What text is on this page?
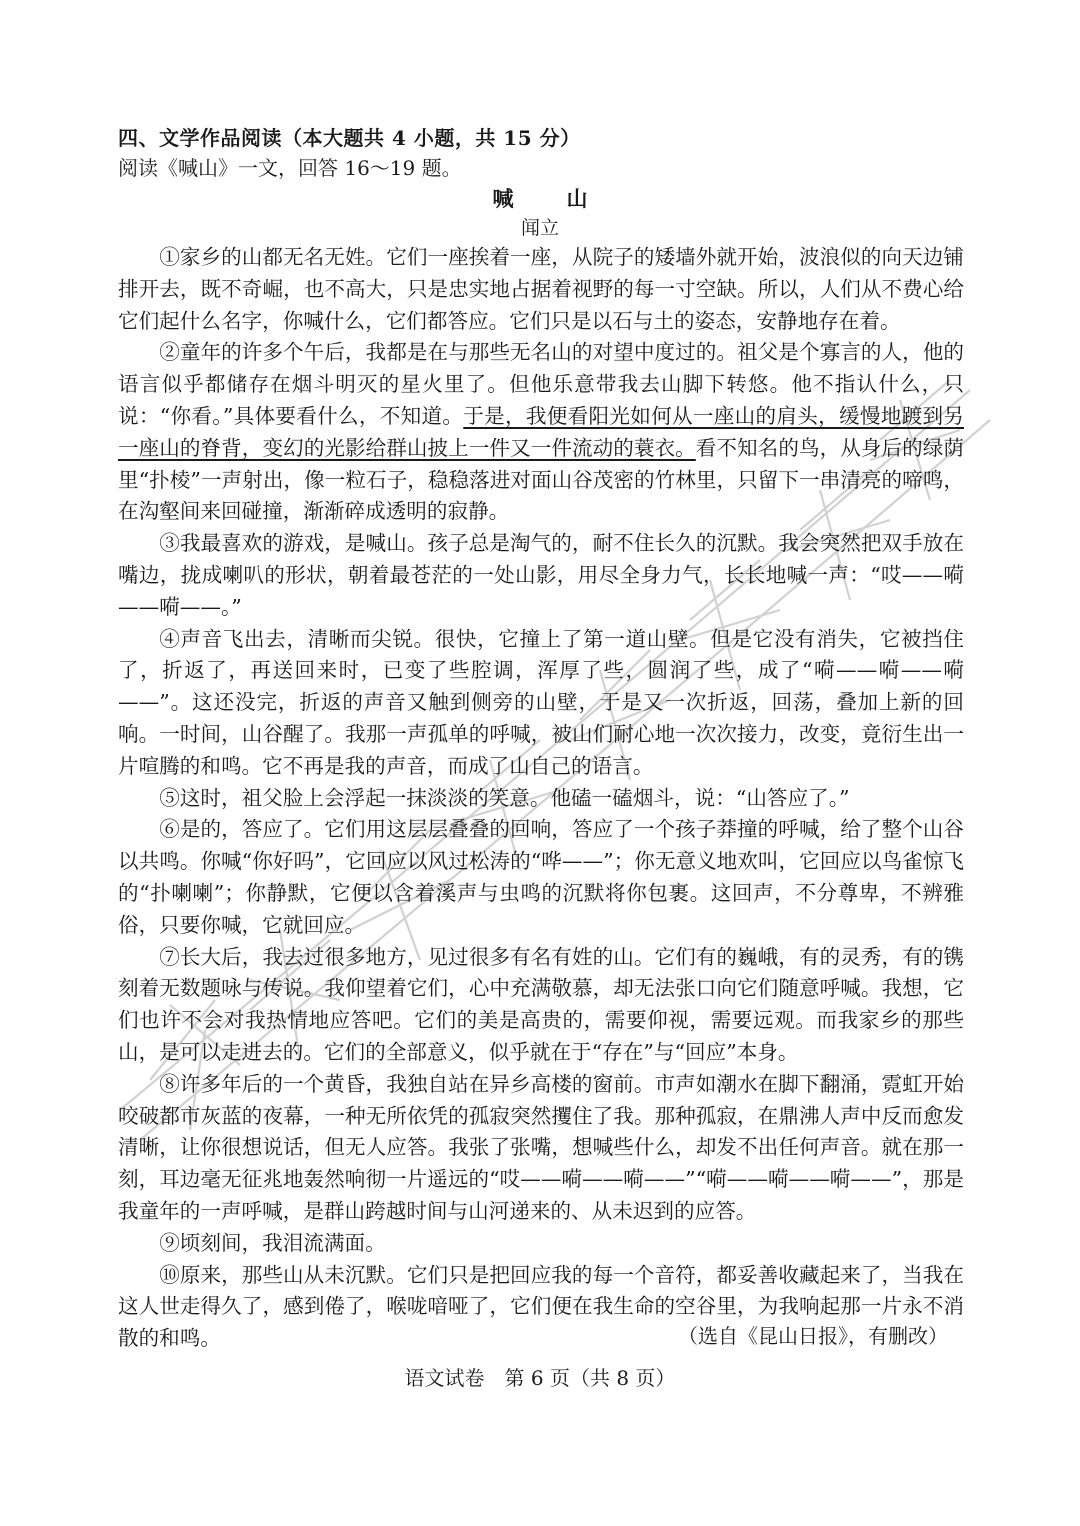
四、文学作品阅读（本大题共 4 小题，共 15 分）
阅读《喊山》一文，回答 16～19 题。
喊　山
闻立

①家乡的山都无名无姓。它们一座挨着一座，从院子的矮墙外就开始，波浪似的向天边铺排开去，既不奇崛，也不高大，只是忠实地占据着视野的每一寸空缺。所以，人们从不费心给它们起什么名字，你喊什么，它们都答应。它们只是以石与土的姿态，安静地存在着。

②童年的许多个午后，我都是在与那些无名山的对望中度过的。祖父是个寡言的人，他的语言似乎都储存在烟斗明灭的星火里了。但他乐意带我去山脚下转悠。他不指认什么，只说：“你看。”具体要看什么，不知道。于是，我便看阳光如何从一座山的肩头，缓慢地踱到另一座山的脊背，变幻的光影给群山披上一件又一件流动的蓑衣。看不知名的鸟，从身后的绿荫里“扑棱”一声射出，像一粒石子，稳稳落进对面山谷茂密的竹林里，只留下一串清亮的啼鸣，在沟壑间来回碰撞，渐渐碎成透明的寂静。

③我最喜欢的游戏，是喊山。孩子总是淘气的，耐不住长久的沉默。我会突然把双手放在嘴边，拢成喇叭的形状，朝着最苍茫的一处山影，用尽全身力气，长长地喊一声：“哎——嗬——嗬——。”

④声音飞出去，清晰而尖锐。很快，它撞上了第一道山壁。但是它没有消失，它被挡住了，折返了，再送回来时，已变了些腔调，浑厚了些，圆润了些，成了“嗬——嗬——嗬——”。这还没完，折返的声音又触到侧旁的山壁，于是又一次折返，回荡，叠加上新的回响。一时间，山谷醒了。我那一声孤单的呼喊，被山们耐心地一次次接力，改变，竟衍生出一片喧腾的和鸣。它不再是我的声音，而成了山自己的语言。

⑤这时，祖父脸上会浮起一抹淡淡的笑意。他磕一磕烟斗，说：“山答应了。”

⑥是的，答应了。它们用这层层叠叠的回响，答应了一个孩子莽撞的呼喊，给了整个山谷以共鸣。你喊“你好吗”，它回应以风过松涛的“哗——”；你无意义地欢叫，它回应以鸟雀惊飞的“扑喇喇”；你静默，它便以含着溪声与虫鸣的沉默将你包裹。这回声，不分尊卑，不辨雅俗，只要你喊，它就回应。

⑦长大后，我去过很多地方，见过很多有名有姓的山。它们有的巍峨，有的灵秀，有的镌刻着无数题咏与传说。我仰望着它们，心中充满敬慕，却无法张口向它们随意呼喊。我想，它们也许不会对我热情地应答吧。它们的美是高贵的，需要仰视，需要远观。而我家乡的那些山，是可以走进去的。它们的全部意义，似乎就在于“存在”与“回应”本身。

⑧许多年后的一个黄昏，我独自站在异乡高楼的窗前。市声如潮水在脚下翻涌，霓虹开始咬破都市灰蓝的夜幕，一种无所依凭的孤寂突然攫住了我。那种孤寂，在鼎沸人声中反而愈发清晰，让你很想说话，但无人应答。我张了张嘴，想喊些什么，却发不出任何声音。就在那一刻，耳边毫无征兆地轰然响彻一片遥远的“哎——嗬——嗬——”“嗬——嗬——嗬——”，那是我童年的一声呼喊，是群山跨越时间与山河递来的、从未迟到的应答。

⑨顷刻间，我泪流满面。

⑩原来，那些山从未沉默。它们只是把回应我的每一个音符，都妥善收藏起来了，当我在这人世走得久了，感到倦了，喉咙喑哑了，它们便在我生命的空谷里，为我响起那一片永不消散的和鸣。	（选自《昆山日报》，有删改）
语文试卷　第 6 页（共 8 页）
